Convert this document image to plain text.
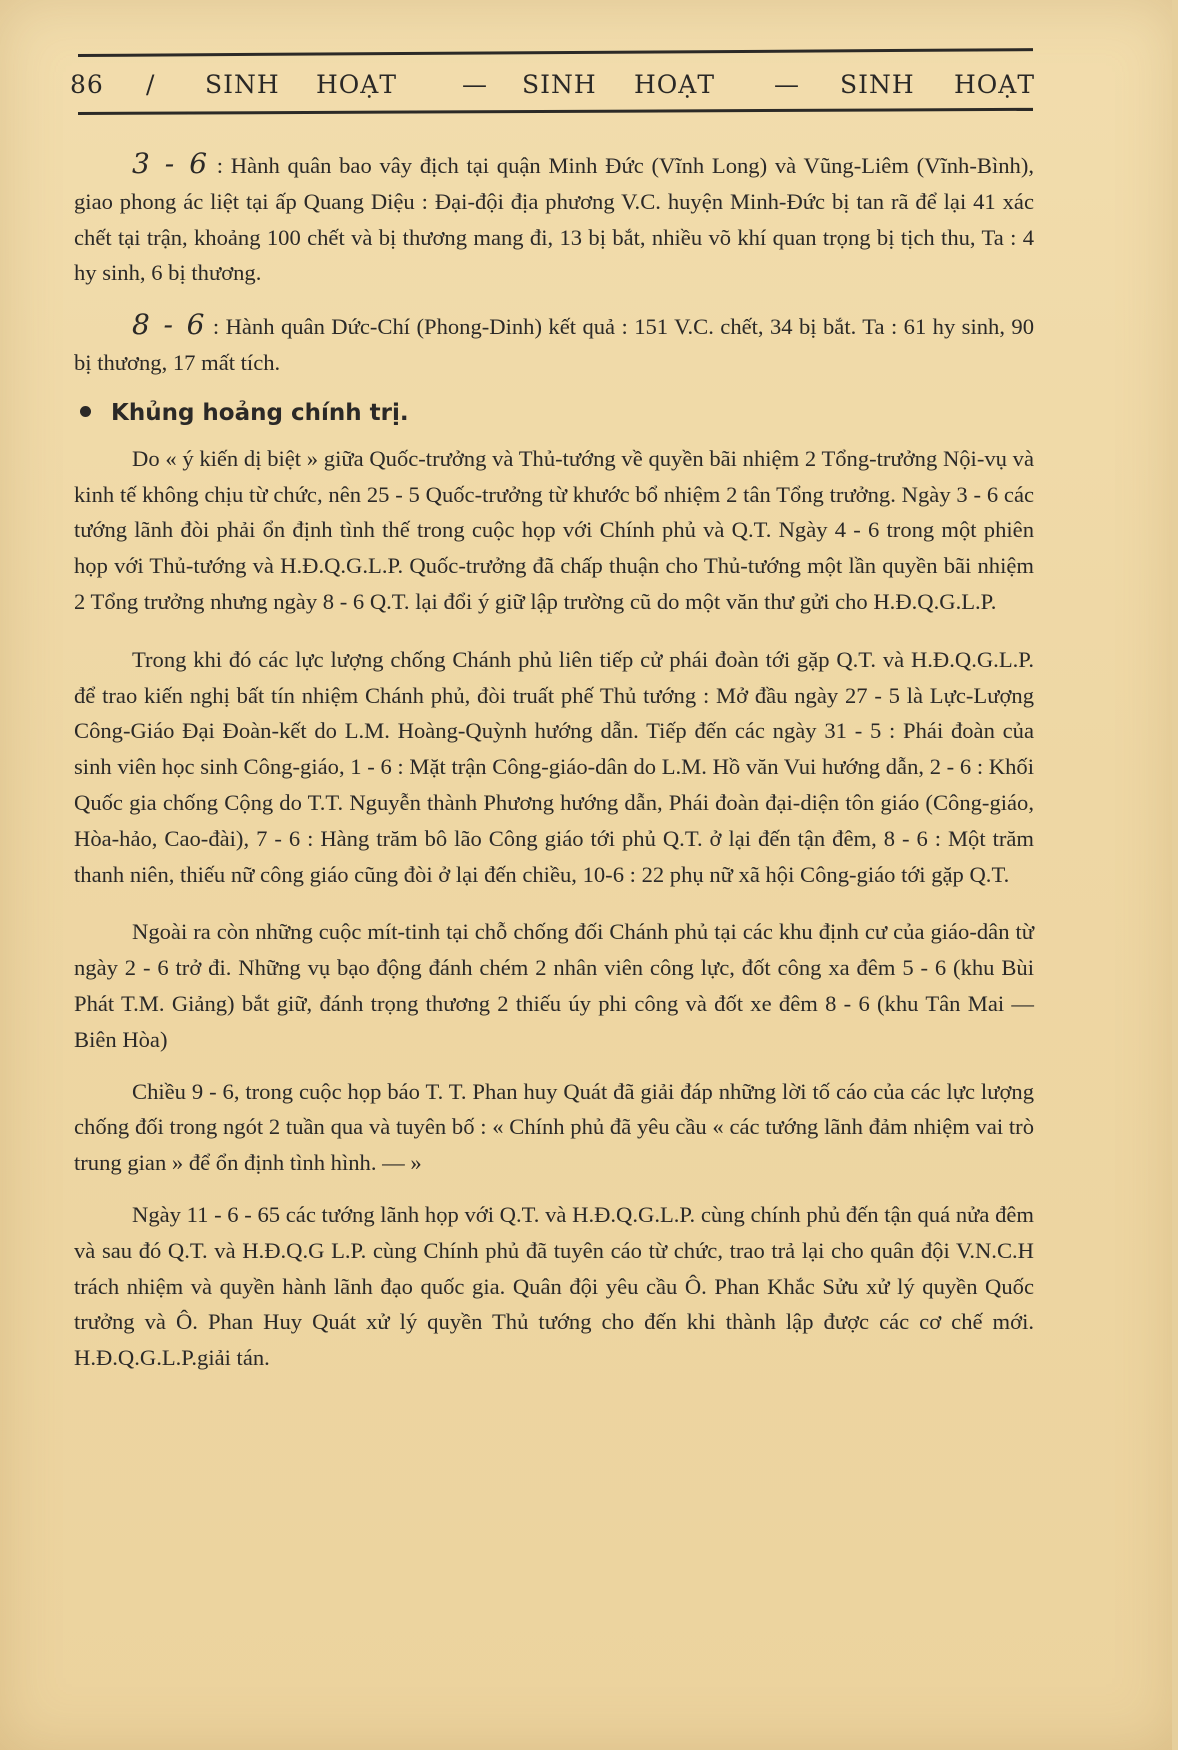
86 / SINH HOẠT	— SINH HOẠT — SINH HOẠT

3 - 6 : Hành quân bao vây địch tại quận Minh Đức (Vĩnh Long) và Vũng-Liêm (Vĩnh-Bình), giao phong ác liệt tại ấp Quang Diệu : Đại-đội địa phương V.C. huyện Minh-Đức bị tan rã để lại 41 xác chết tại trận, khoảng 100 chết và bị thương mang đi, 13 bị bắt, nhiều võ khí quan trọng bị tịch thu, Ta : 4 hy sinh, 6 bị thương.

8 - 6 : Hành quân Dức-Chí (Phong-Dinh) kết quả : 151 V.C. chết, 34 bị bắt. Ta : 61 hy sinh, 90 bị thương, 17 mất tích.

Khủng hoảng chính trị.

Do « ý kiến dị biệt » giữa Quốc-trưởng và Thủ-tướng về quyền bãi nhiệm 2 Tổng-trưởng Nội-vụ và kinh tế không chịu từ chức, nên 25 - 5 Quốc-trưởng từ khước bổ nhiệm 2 tân Tổng trưởng. Ngày 3 - 6 các tướng lãnh đòi phải ổn định tình thế trong cuộc họp với Chính phủ và Q.T. Ngày 4 - 6 trong một phiên họp với Thủ-tướng và H.Đ.Q.G.L.P. Quốc-trưởng đã chấp thuận cho Thủ-tướng một lần quyền bãi nhiệm 2 Tổng trưởng nhưng ngày 8 - 6 Q.T. lại đổi ý giữ lập trường cũ do một văn thư gửi cho H.Đ.Q.G.L.P.

Trong khi đó các lực lượng chống Chánh phủ liên tiếp cử phái đoàn tới gặp Q.T. và H.Đ.Q.G.L.P. để trao kiến nghị bất tín nhiệm Chánh phủ, đòi truất phế Thủ tướng : Mở đầu ngày 27 - 5 là Lực-Lượng Công-Giáo Đại Đoàn-kết do L.M. Hoàng-Quỳnh hướng dẫn. Tiếp đến các ngày 31 - 5 : Phái đoàn của sinh viên học sinh Công-giáo, 1 - 6 : Mặt trận Công-giáo-dân do L.M. Hồ văn Vui hướng dẫn, 2 - 6 : Khối Quốc gia chống Cộng do T.T. Nguyễn thành Phương hướng dẫn, Phái đoàn đại-diện tôn giáo (Công-giáo, Hòa-hảo, Cao-đài), 7 - 6 : Hàng trăm bô lão Công giáo tới phủ Q.T. ở lại đến tận đêm, 8 - 6 : Một trăm thanh niên, thiếu nữ công giáo cũng đòi ở lại đến chiều, 10-6 : 22 phụ nữ xã hội Công-giáo tới gặp Q.T.

Ngoài ra còn những cuộc mít-tinh tại chỗ chống đối Chánh phủ tại các khu định cư của giáo-dân từ ngày 2 - 6 trở đi. Những vụ bạo động đánh chém 2 nhân viên công lực, đốt công xa đêm 5 - 6 (khu Bùi Phát T.M. Giảng) bắt giữ, đánh trọng thương 2 thiếu úy phi công và đốt xe đêm 8 - 6 (khu Tân Mai — Biên Hòa)

Chiều 9 - 6, trong cuộc họp báo T. T. Phan huy Quát đã giải đáp những lời tố cáo của các lực lượng chống đối trong ngót 2 tuần qua và tuyên bố : « Chính phủ đã yêu cầu « các tướng lãnh đảm nhiệm vai trò trung gian » để ổn định tình hình. — »

Ngày 11 - 6 - 65 các tướng lãnh họp với Q.T. và H.Đ.Q.G.L.P. cùng chính phủ đến tận quá nửa đêm và sau đó Q.T. và H.Đ.Q.G L.P. cùng Chính phủ đã tuyên cáo từ chức, trao trả lại cho quân đội V.N.C.H trách nhiệm và quyền hành lãnh đạo quốc gia. Quân đội yêu cầu Ô. Phan Khắc Sửu xử lý quyền Quốc trưởng và Ô. Phan Huy Quát xử lý quyền Thủ tướng cho đến khi thành lập được các cơ chế mới. H.Đ.Q.G.L.P.giải tán.
